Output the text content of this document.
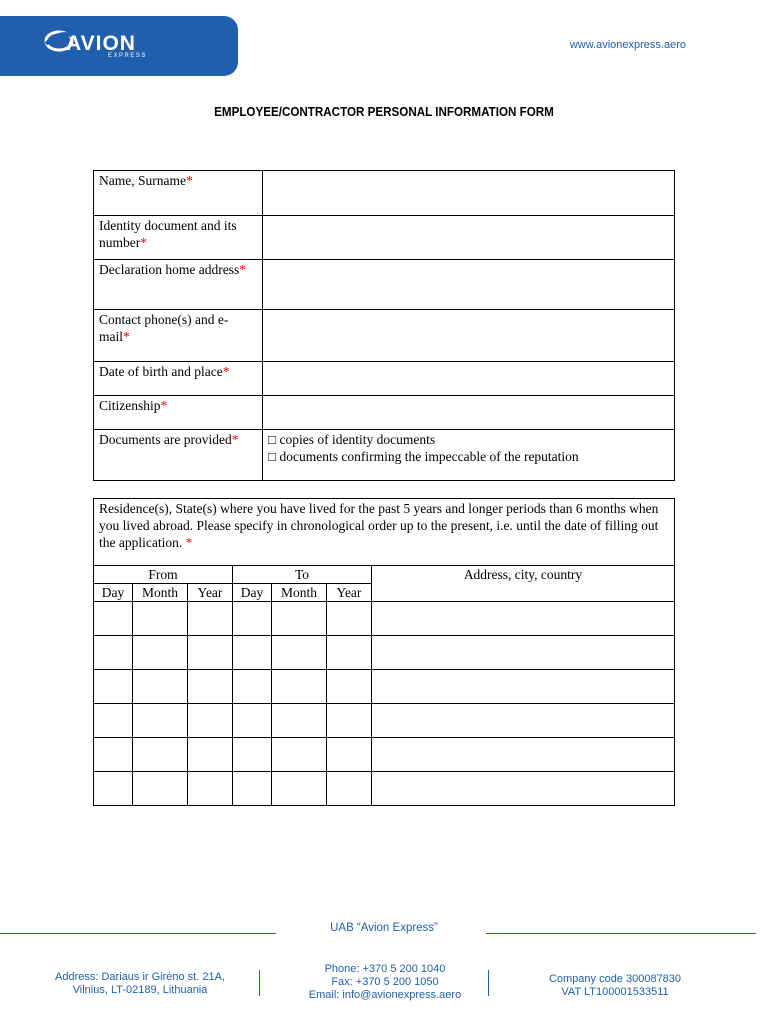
AVION
EXPRESS
www.avionexpress.aero
EMPLOYEE/CONTRACTOR PERSONAL INFORMATION FORM
Name, Surname*	
Identity document and its number*	
Declaration home address*	
Contact phone(s) and e-mail*	
Date of birth and place*	
Citizenship*	
Documents are provided*	□ copies of identity documents
□ documents confirming the impeccable of the reputation
Residence(s), State(s) where you have lived for the past 5 years and longer periods than 6 months when you lived abroad. Please specify in chronological order up to the present, i.e. until the date of filling out the application. *						
From			To			Address, city, country
Day	Month	Year	Day	Month	Year	

UAB “Avion Express”
Address: Dariaus ir Girėno st. 21A,
Vilnius, LT-02189, Lithuania
Phone: +370 5 200 1040
Fax: +370 5 200 1050
Email: info@avionexpress.aero
Company code 300087830
VAT LT100001533511
